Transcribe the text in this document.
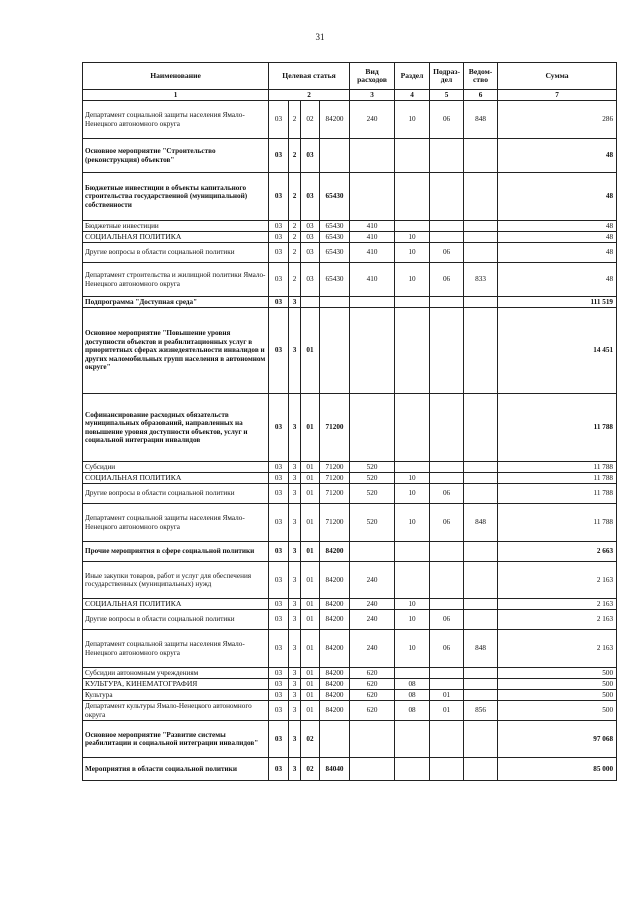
31
Наименование	Целевая статья				Вид расходов	Раздел	Подраз-дел	Ведом-ство	Сумма
1	2				3	4	5	6	7
Департамент социальной защиты населения Ямало-Ненецкого автономного округа	03	2	02	84200	240	10	06	848	286
Основное мероприятие "Строительство (реконструкция) объектов"	03	2	03						48
Бюджетные инвестиции в объекты капитального строительства государственной (муниципальной) собственности	03	2	03	65430					48
Бюджетные инвестиции	03	2	03	65430	410				48
СОЦИАЛЬНАЯ ПОЛИТИКА	03	2	03	65430	410	10			48
Другие вопросы в области социальной политики	03	2	03	65430	410	10	06		48
Департамент строительства и жилищной политики Ямало-Ненецкого автономного округа	03	2	03	65430	410	10	06	833	48
Подпрограмма "Доступная среда"	03	3							111 519
Основное мероприятие "Повышение уровня доступности объектов и реабилитационных услуг в приоритетных сферах жизнедеятельности инвалидов и других маломобильных групп населения в автономном округе"	03	3	01						14 451
Софинансирование расходных обязательств муниципальных образований, направленных на повышение уровня доступности объектов, услуг и социальной интеграции инвалидов	03	3	01	71200					11 788
Субсидии	03	3	01	71200	520				11 788
СОЦИАЛЬНАЯ ПОЛИТИКА	03	3	01	71200	520	10			11 788
Другие вопросы в области социальной политики	03	3	01	71200	520	10	06		11 788
Департамент социальной защиты населения Ямало-Ненецкого автономного округа	03	3	01	71200	520	10	06	848	11 788
Прочие мероприятия в сфере социальной политики	03	3	01	84200					2 663
Иные закупки товаров, работ и услуг для обеспечения государственных (муниципальных) нужд	03	3	01	84200	240				2 163
СОЦИАЛЬНАЯ ПОЛИТИКА	03	3	01	84200	240	10			2 163
Другие вопросы в области социальной политики	03	3	01	84200	240	10	06		2 163
Департамент социальной защиты населения Ямало-Ненецкого автономного округа	03	3	01	84200	240	10	06	848	2 163
Субсидии автономным учреждениям	03	3	01	84200	620				500
КУЛЬТУРА, КИНЕМАТОГРАФИЯ	03	3	01	84200	620	08			500
Культура	03	3	01	84200	620	08	01		500
Департамент культуры Ямало-Ненецкого автономного округа	03	3	01	84200	620	08	01	856	500
Основное мероприятие "Развитие системы реабилитации и социальной интеграции инвалидов"	03	3	02						97 068
Мероприятия в области социальной политики	03	3	02	84040					85 000
